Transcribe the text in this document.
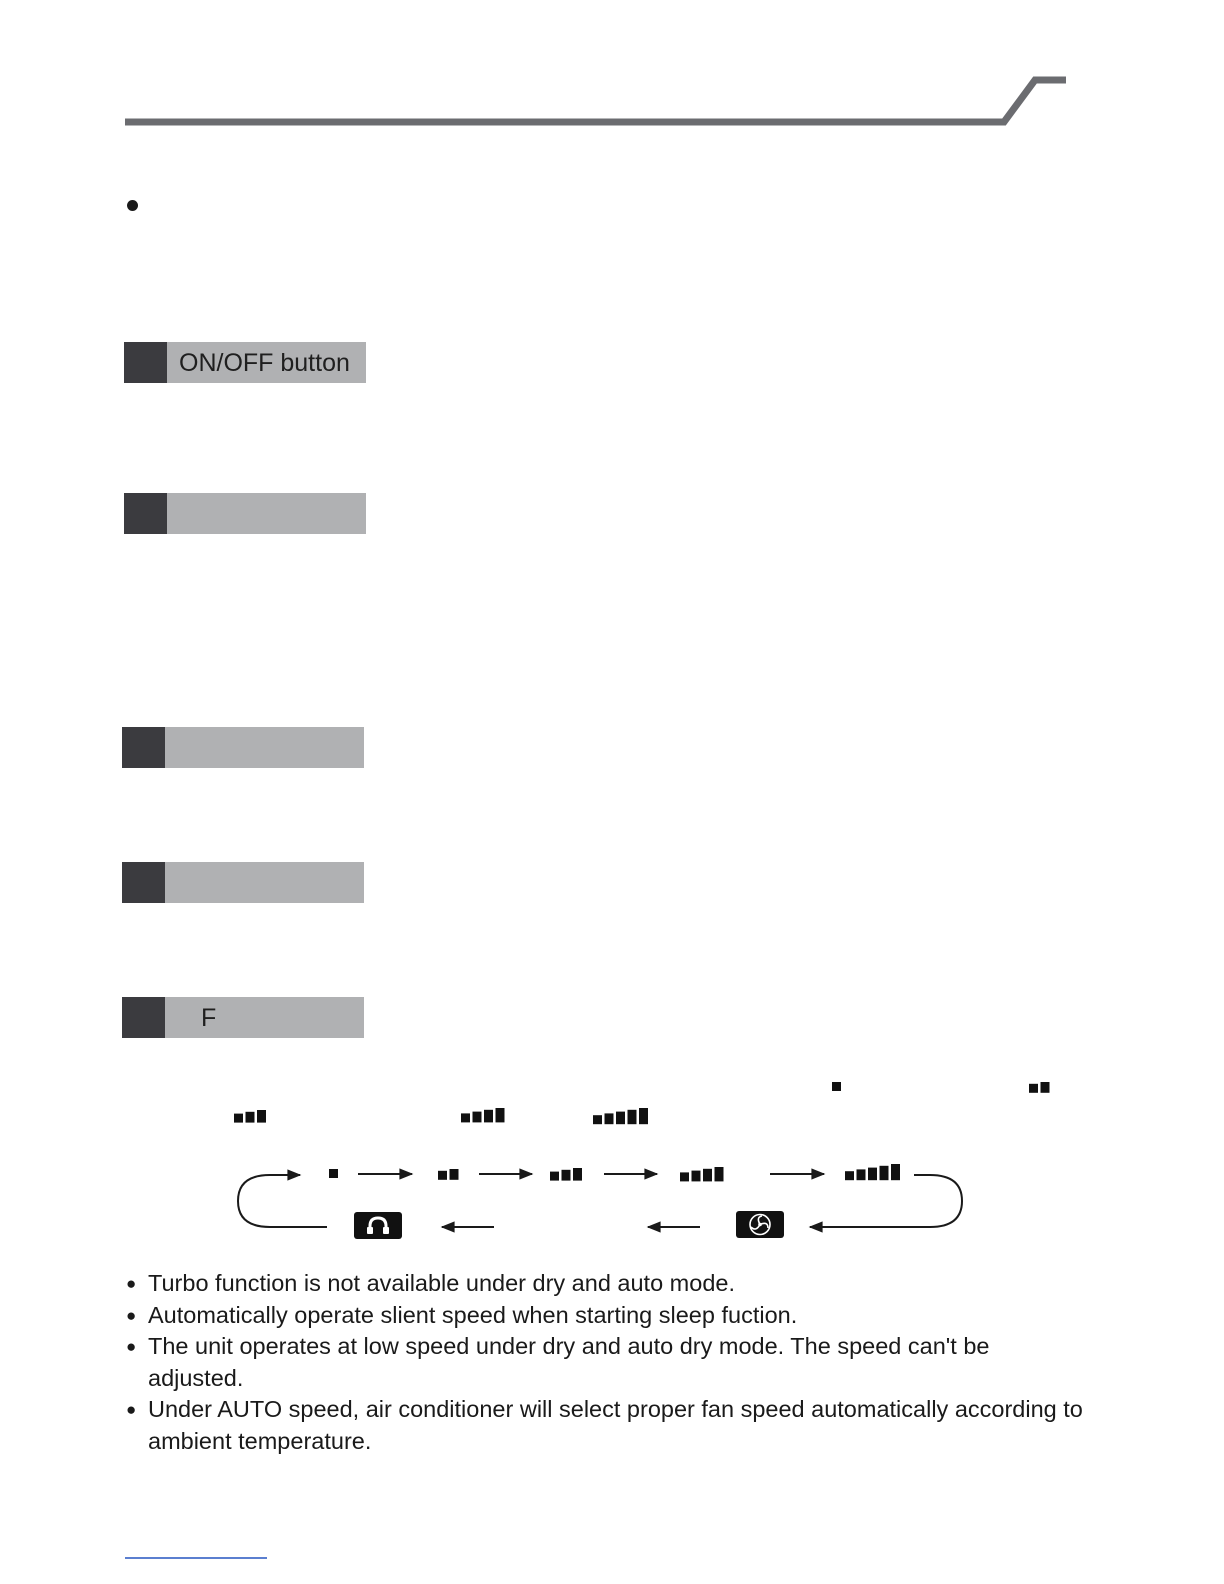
ON/OFF button
F

● Turbo function is not available under dry and auto mode.

● Automatically operate slient speed when starting sleep fuction.

● The unit operates at low speed under dry and auto dry mode. The speed can't be adjusted.

● Under AUTO speed, air conditioner will select proper fan speed automatically according to ambient temperature.
